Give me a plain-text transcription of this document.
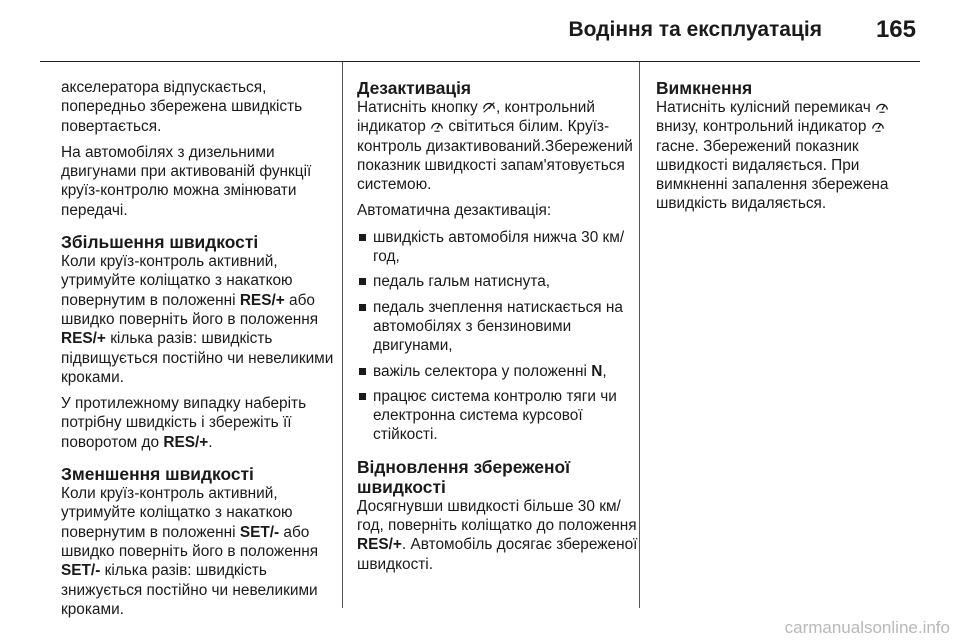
Водіння та експлуатація 165

акселератора відпускається, попередньо збережена швидкість повертається.

На автомобілях з дизельними двигунами при активованій функції круїз-контролю можна змінювати передачі.

Збільшення швидкості

Коли круїз-контроль активний, утримуйте коліщатко з накаткою повернутим в положенні RES/+ або швидко поверніть його в положення RES/+ кілька разів: швидкість підвищується постійно чи невеликими кроками.

У протилежному випадку наберіть потрібну швидкість і збережіть її поворотом до RES/+.

Зменшення швидкості

Коли круїз-контроль активний, утримуйте коліщатко з накаткою повернутим в положенні SET/- або швидко поверніть його в положення SET/- кілька разів: швидкість знижується постійно чи невеликими кроками.

Дезактивація

Натисніть кнопку , контрольний індикатор  світиться білим. Круїз-контроль дизактивований.Збережений показник швидкості запам'ятовується системою.

Автоматична дезактивація:

швидкість автомобіля нижча 30 км/год,
педаль гальм натиснута,
педаль зчеплення натискається на автомобілях з бензиновими двигунами,
важіль селектора у положенні N,
працює система контролю тяги чи електронна система курсової стійкості.
Відновлення збереженої швидкості

Досягнувши швидкості більше 30 км/год, поверніть коліщатко до положення RES/+. Автомобіль досягає збереженої швидкості.

Вимкнення

Натисніть кулісний перемикач  внизу, контрольний індикатор  гасне. Збережений показник швидкості видаляється. При вимкненні запалення збережена швидкість видаляється.

carmanualsonline.info
